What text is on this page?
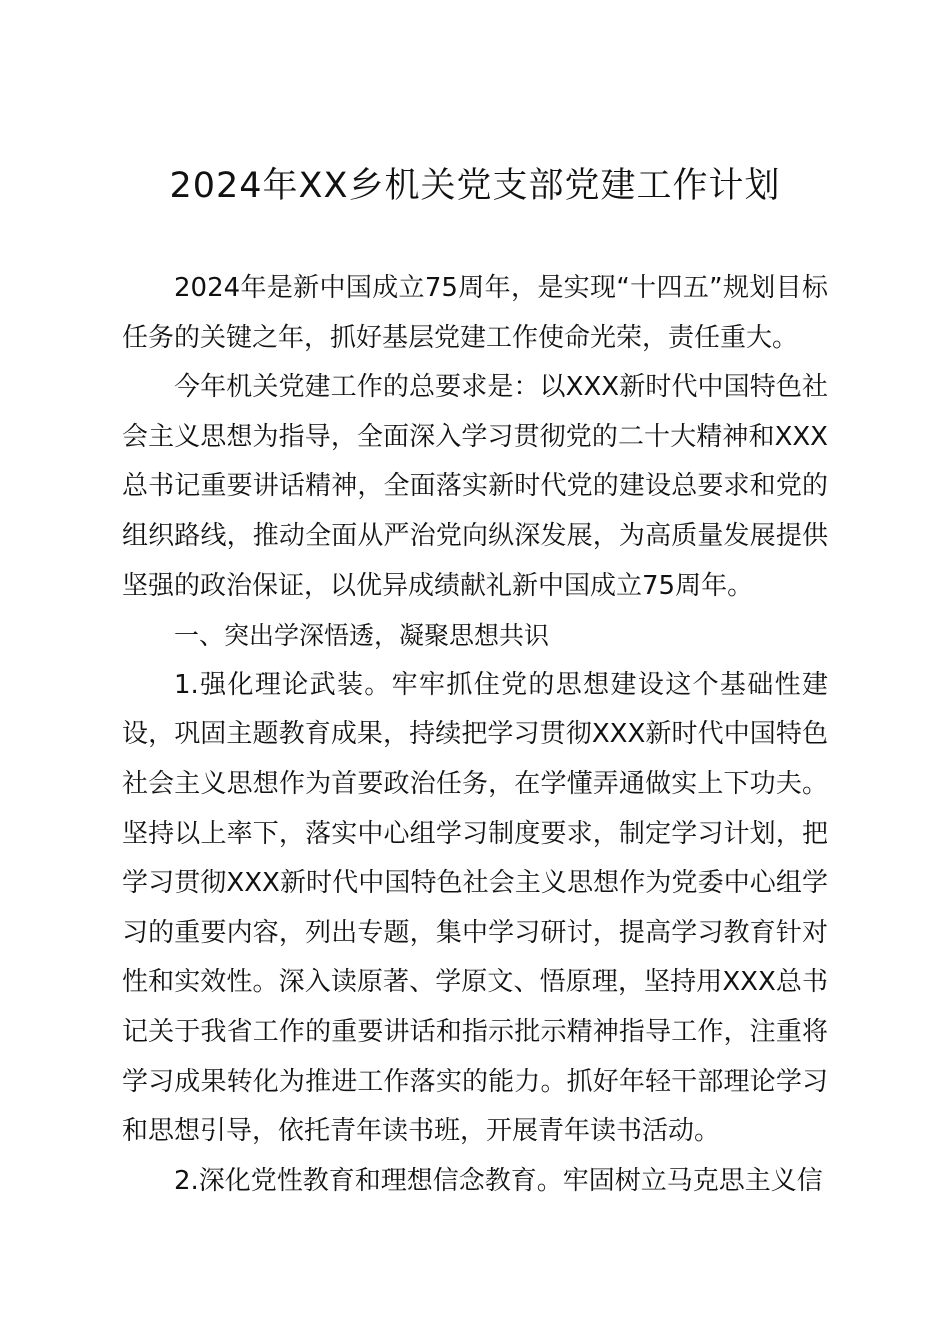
2024年XX乡机关党支部党建工作计划

2024年是新中国成立75周年，是实现“十四五”规划目标任务的关键之年，抓好基层党建工作使命光荣，责任重大。

今年机关党建工作的总要求是：以XXX新时代中国特色社会主义思想为指导，全面深入学习贯彻党的二十大精神和XXX总书记重要讲话精神，全面落实新时代党的建设总要求和党的组织路线，推动全面从严治党向纵深发展，为高质量发展提供坚强的政治保证，以优异成绩献礼新中国成立75周年。

一、突出学深悟透，凝聚思想共识

1.强化理论武装。牢牢抓住党的思想建设这个基础性建设，巩固主题教育成果，持续把学习贯彻XXX新时代中国特色社会主义思想作为首要政治任务，在学懂弄通做实上下功夫。坚持以上率下，落实中心组学习制度要求，制定学习计划，把学习贯彻XXX新时代中国特色社会主义思想作为党委中心组学习的重要内容，列出专题，集中学习研讨，提高学习教育针对性和实效性。深入读原著、学原文、悟原理，坚持用XXX总书记关于我省工作的重要讲话和指示批示精神指导工作，注重将学习成果转化为推进工作落实的能力。抓好年轻干部理论学习和思想引导，依托青年读书班，开展青年读书活动。

2.深化党性教育和理想信念教育。牢固树立马克思主义信
